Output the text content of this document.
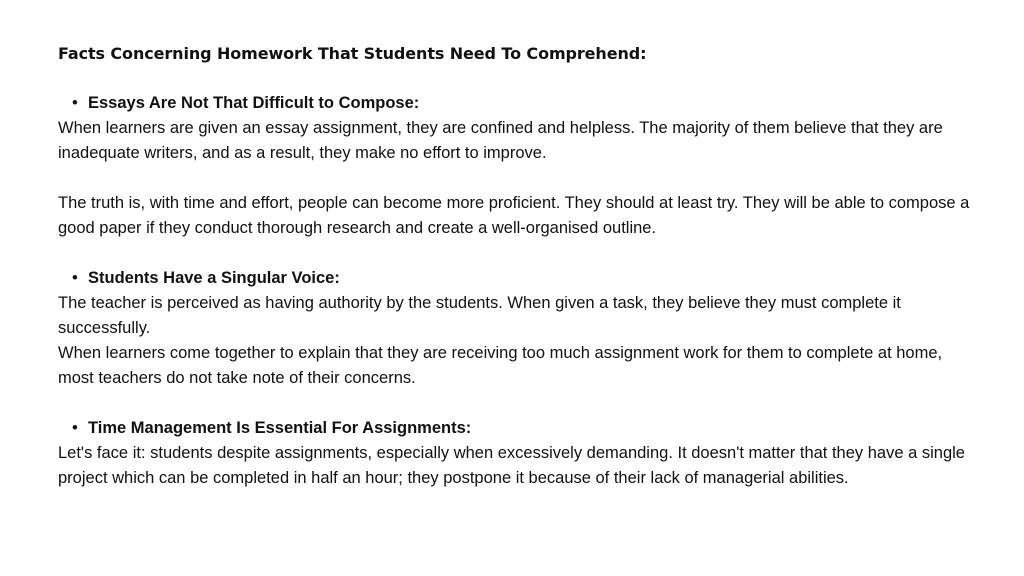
Facts Concerning Homework That Students Need To Comprehend:
• Essays Are Not That Difficult to Compose:

When learners are given an essay assignment, they are confined and helpless. The majority of them believe that they are inadequate writers, and as a result, they make no effort to improve.

The truth is, with time and effort, people can become more proficient. They should at least try. They will be able to compose a good paper if they conduct thorough research and create a well-organised outline.

• Students Have a Singular Voice:

The teacher is perceived as having authority by the students. When given a task, they believe they must complete it successfully.

When learners come together to explain that they are receiving too much assignment work for them to complete at home, most teachers do not take note of their concerns.

• Time Management Is Essential For Assignments:

Let's face it: students despite assignments, especially when excessively demanding. It doesn't matter that they have a single project which can be completed in half an hour; they postpone it because of their lack of managerial abilities.
